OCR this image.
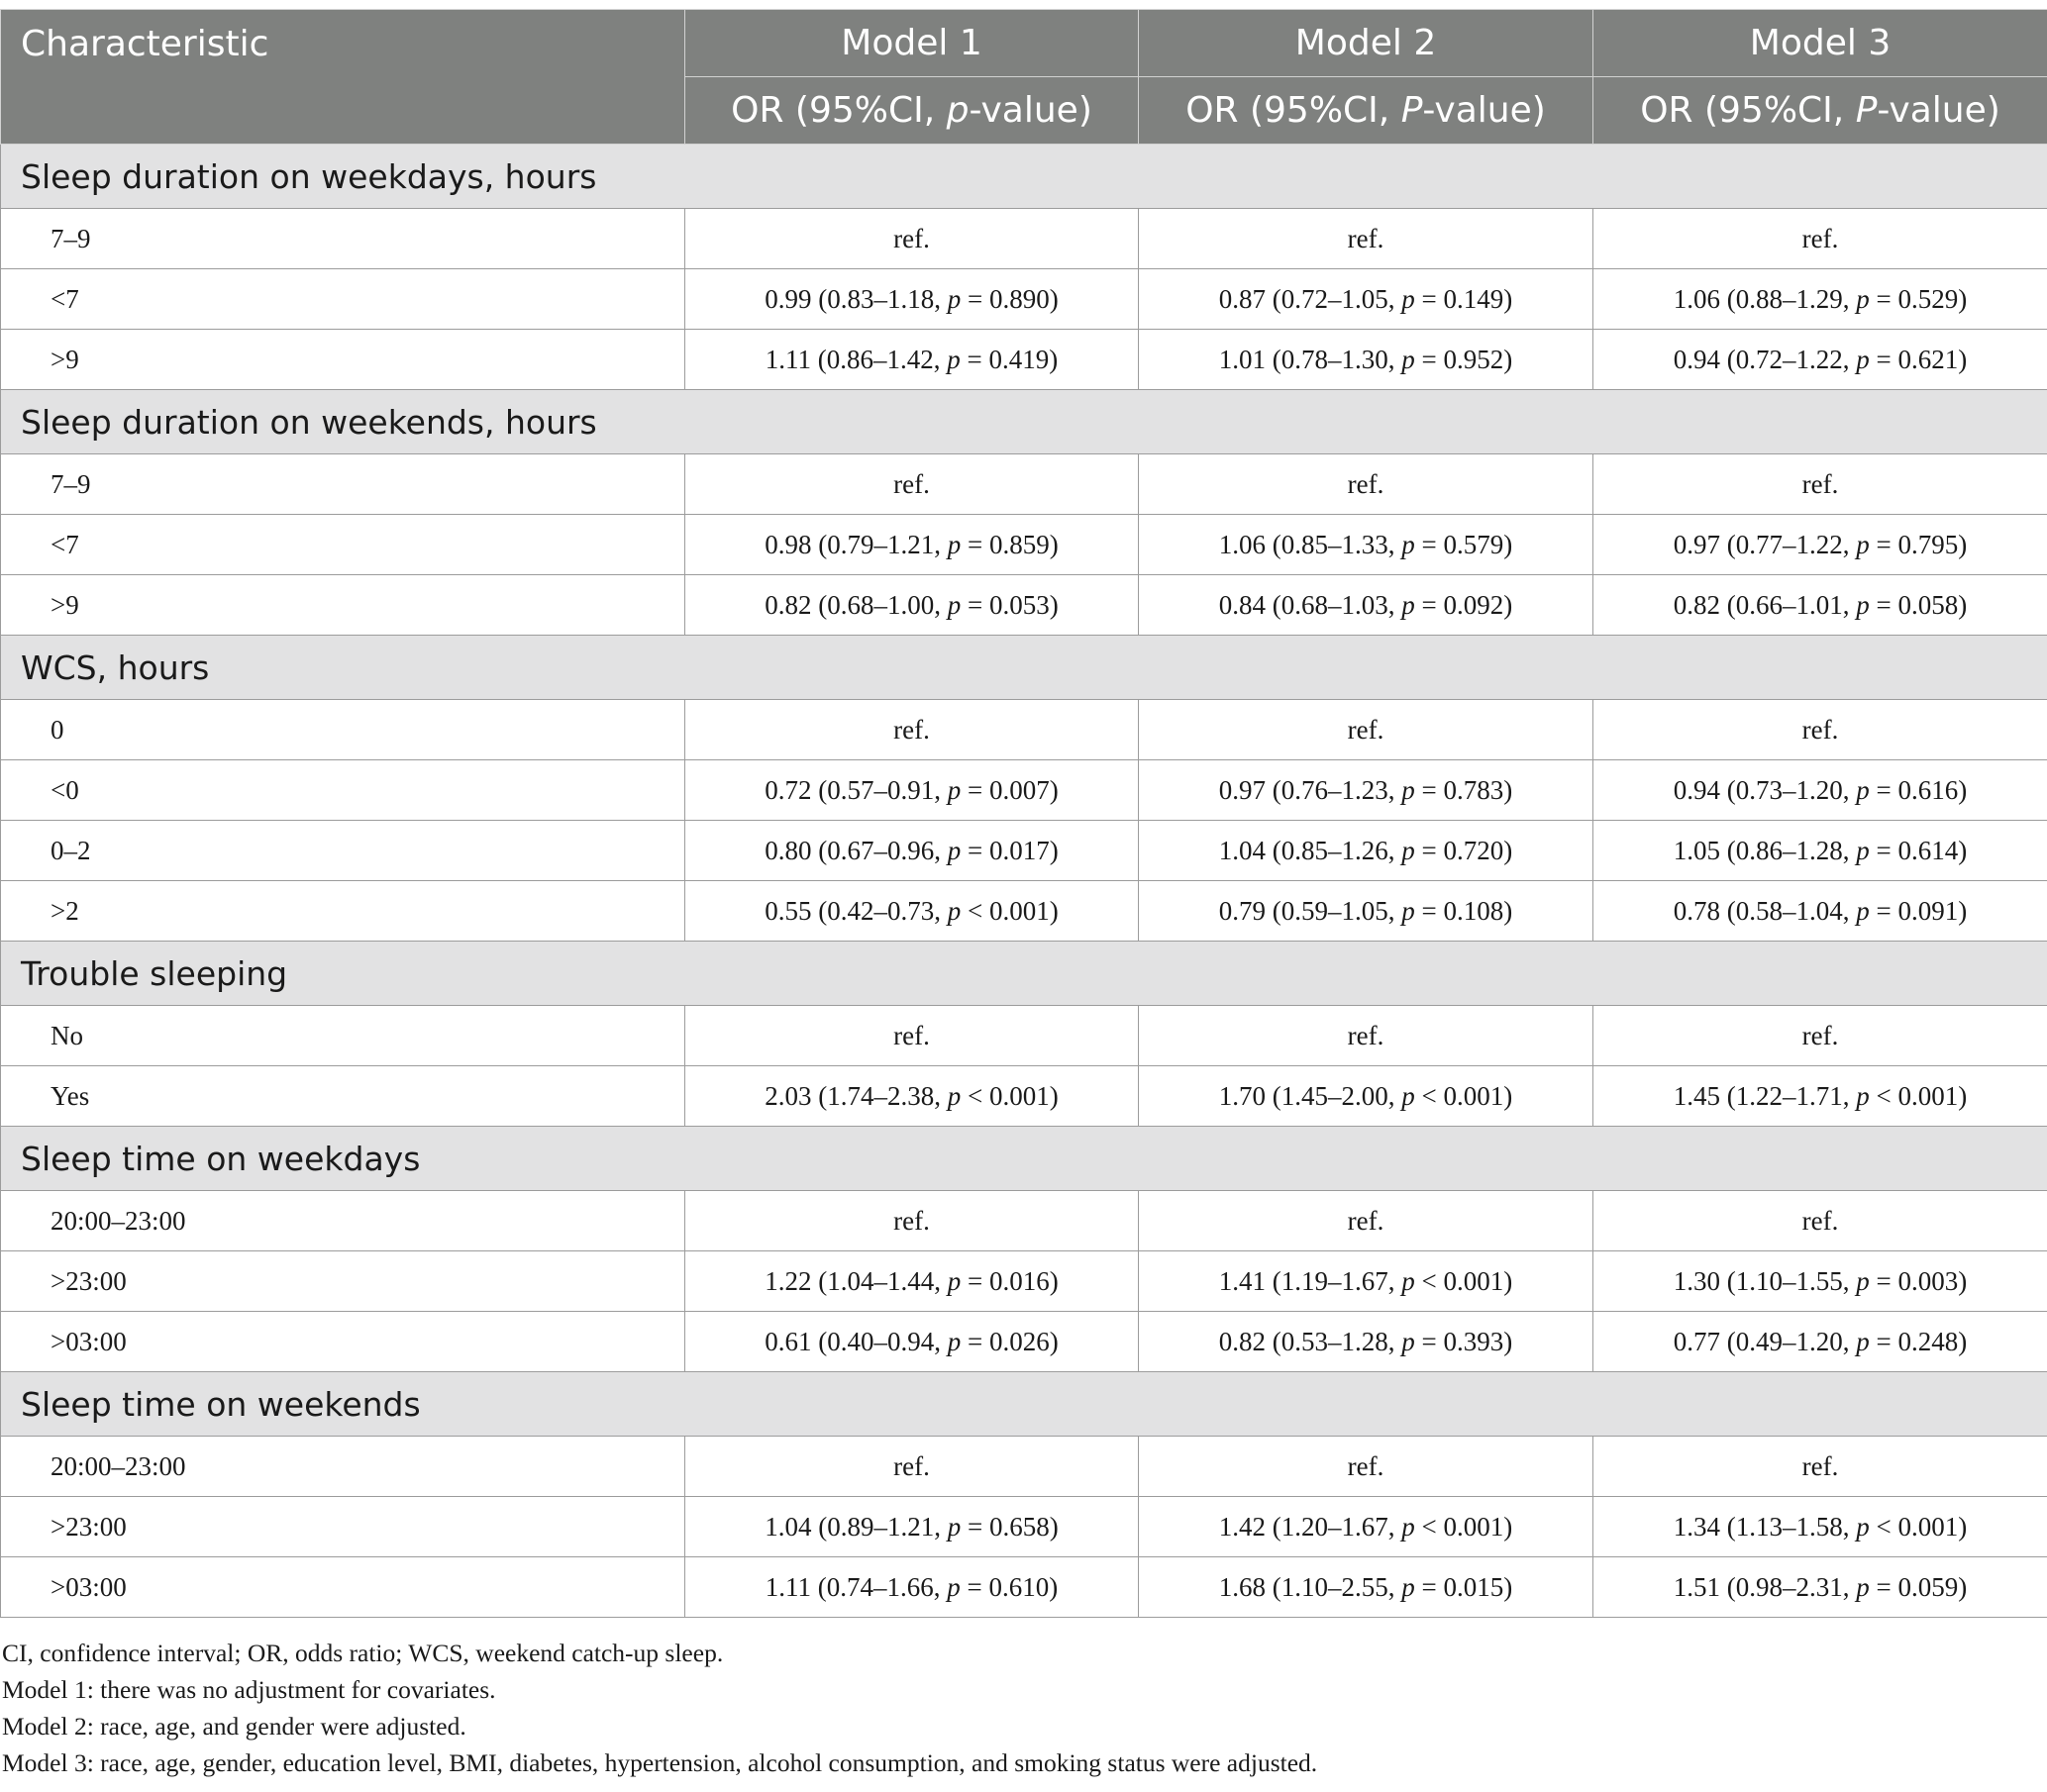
Characteristic	Model 1	Model 2	Model 3
	OR (95%CI, p-value)	OR (95%CI, P-value)	OR (95%CI, P-value)
Sleep duration on weekdays, hours			
7–9	ref.	ref.	ref.
<7	0.99 (0.83–1.18, p = 0.890)	0.87 (0.72–1.05, p = 0.149)	1.06 (0.88–1.29, p = 0.529)
>9	1.11 (0.86–1.42, p = 0.419)	1.01 (0.78–1.30, p = 0.952)	0.94 (0.72–1.22, p = 0.621)
Sleep duration on weekends, hours			
7–9	ref.	ref.	ref.
<7	0.98 (0.79–1.21, p = 0.859)	1.06 (0.85–1.33, p = 0.579)	0.97 (0.77–1.22, p = 0.795)
>9	0.82 (0.68–1.00, p = 0.053)	0.84 (0.68–1.03, p = 0.092)	0.82 (0.66–1.01, p = 0.058)
WCS, hours			
0	ref.	ref.	ref.
<0	0.72 (0.57–0.91, p = 0.007)	0.97 (0.76–1.23, p = 0.783)	0.94 (0.73–1.20, p = 0.616)
0–2	0.80 (0.67–0.96, p = 0.017)	1.04 (0.85–1.26, p = 0.720)	1.05 (0.86–1.28, p = 0.614)
>2	0.55 (0.42–0.73, p < 0.001)	0.79 (0.59–1.05, p = 0.108)	0.78 (0.58–1.04, p = 0.091)
Trouble sleeping			
No	ref.	ref.	ref.
Yes	2.03 (1.74–2.38, p < 0.001)	1.70 (1.45–2.00, p < 0.001)	1.45 (1.22–1.71, p < 0.001)
Sleep time on weekdays			
20:00–23:00	ref.	ref.	ref.
>23:00	1.22 (1.04–1.44, p = 0.016)	1.41 (1.19–1.67, p < 0.001)	1.30 (1.10–1.55, p = 0.003)
>03:00	0.61 (0.40–0.94, p = 0.026)	0.82 (0.53–1.28, p = 0.393)	0.77 (0.49–1.20, p = 0.248)
Sleep time on weekends			
20:00–23:00	ref.	ref.	ref.
>23:00	1.04 (0.89–1.21, p = 0.658)	1.42 (1.20–1.67, p < 0.001)	1.34 (1.13–1.58, p < 0.001)
>03:00	1.11 (0.74–1.66, p = 0.610)	1.68 (1.10–2.55, p = 0.015)	1.51 (0.98–2.31, p = 0.059)
CI, confidence interval; OR, odds ratio; WCS, weekend catch-up sleep.
Model 1: there was no adjustment for covariates.
Model 2: race, age, and gender were adjusted.
Model 3: race, age, gender, education level, BMI, diabetes, hypertension, alcohol consumption, and smoking status were adjusted.
